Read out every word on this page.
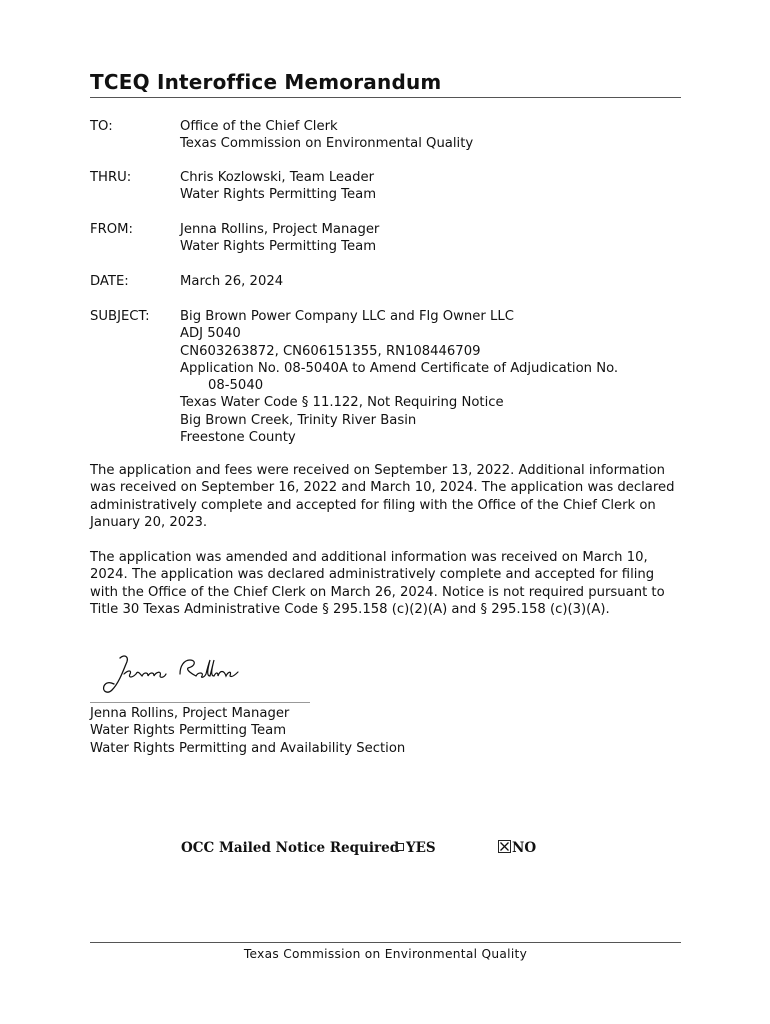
TCEQ Interoffice Memorandum
TO:	Office of the Chief Clerk
Texas Commission on Environmental Quality
THRU:	Chris Kozlowski, Team Leader
Water Rights Permitting Team
FROM:	Jenna Rollins, Project Manager
Water Rights Permitting Team
DATE:	March 26, 2024
SUBJECT:	Big Brown Power Company LLC and Flg Owner LLC
ADJ 5040
CN603263872, CN606151355, RN108446709
Application No. 08-5040A to Amend Certificate of Adjudication No.
08-5040
Texas Water Code § 11.122, Not Requiring Notice
Big Brown Creek, Trinity River Basin
Freestone County

The application and fees were received on September 13, 2022. Additional information was received on September 16, 2022 and March 10, 2024. The application was declared administratively complete and accepted for filing with the Office of the Chief Clerk on January 20, 2023.

The application was amended and additional information was received on March 10, 2024. The application was declared administratively complete and accepted for filing with the Office of the Chief Clerk on March 26, 2024. Notice is not required pursuant to Title 30 Texas Administrative Code § 295.158 (c)(2)(A) and § 295.158 (c)(3)(A).

Jenna Rollins, Project Manager
Water Rights Permitting Team
Water Rights Permitting and Availability Section
OCC Mailed Notice Required YES	NO
Texas Commission on Environmental Quality
